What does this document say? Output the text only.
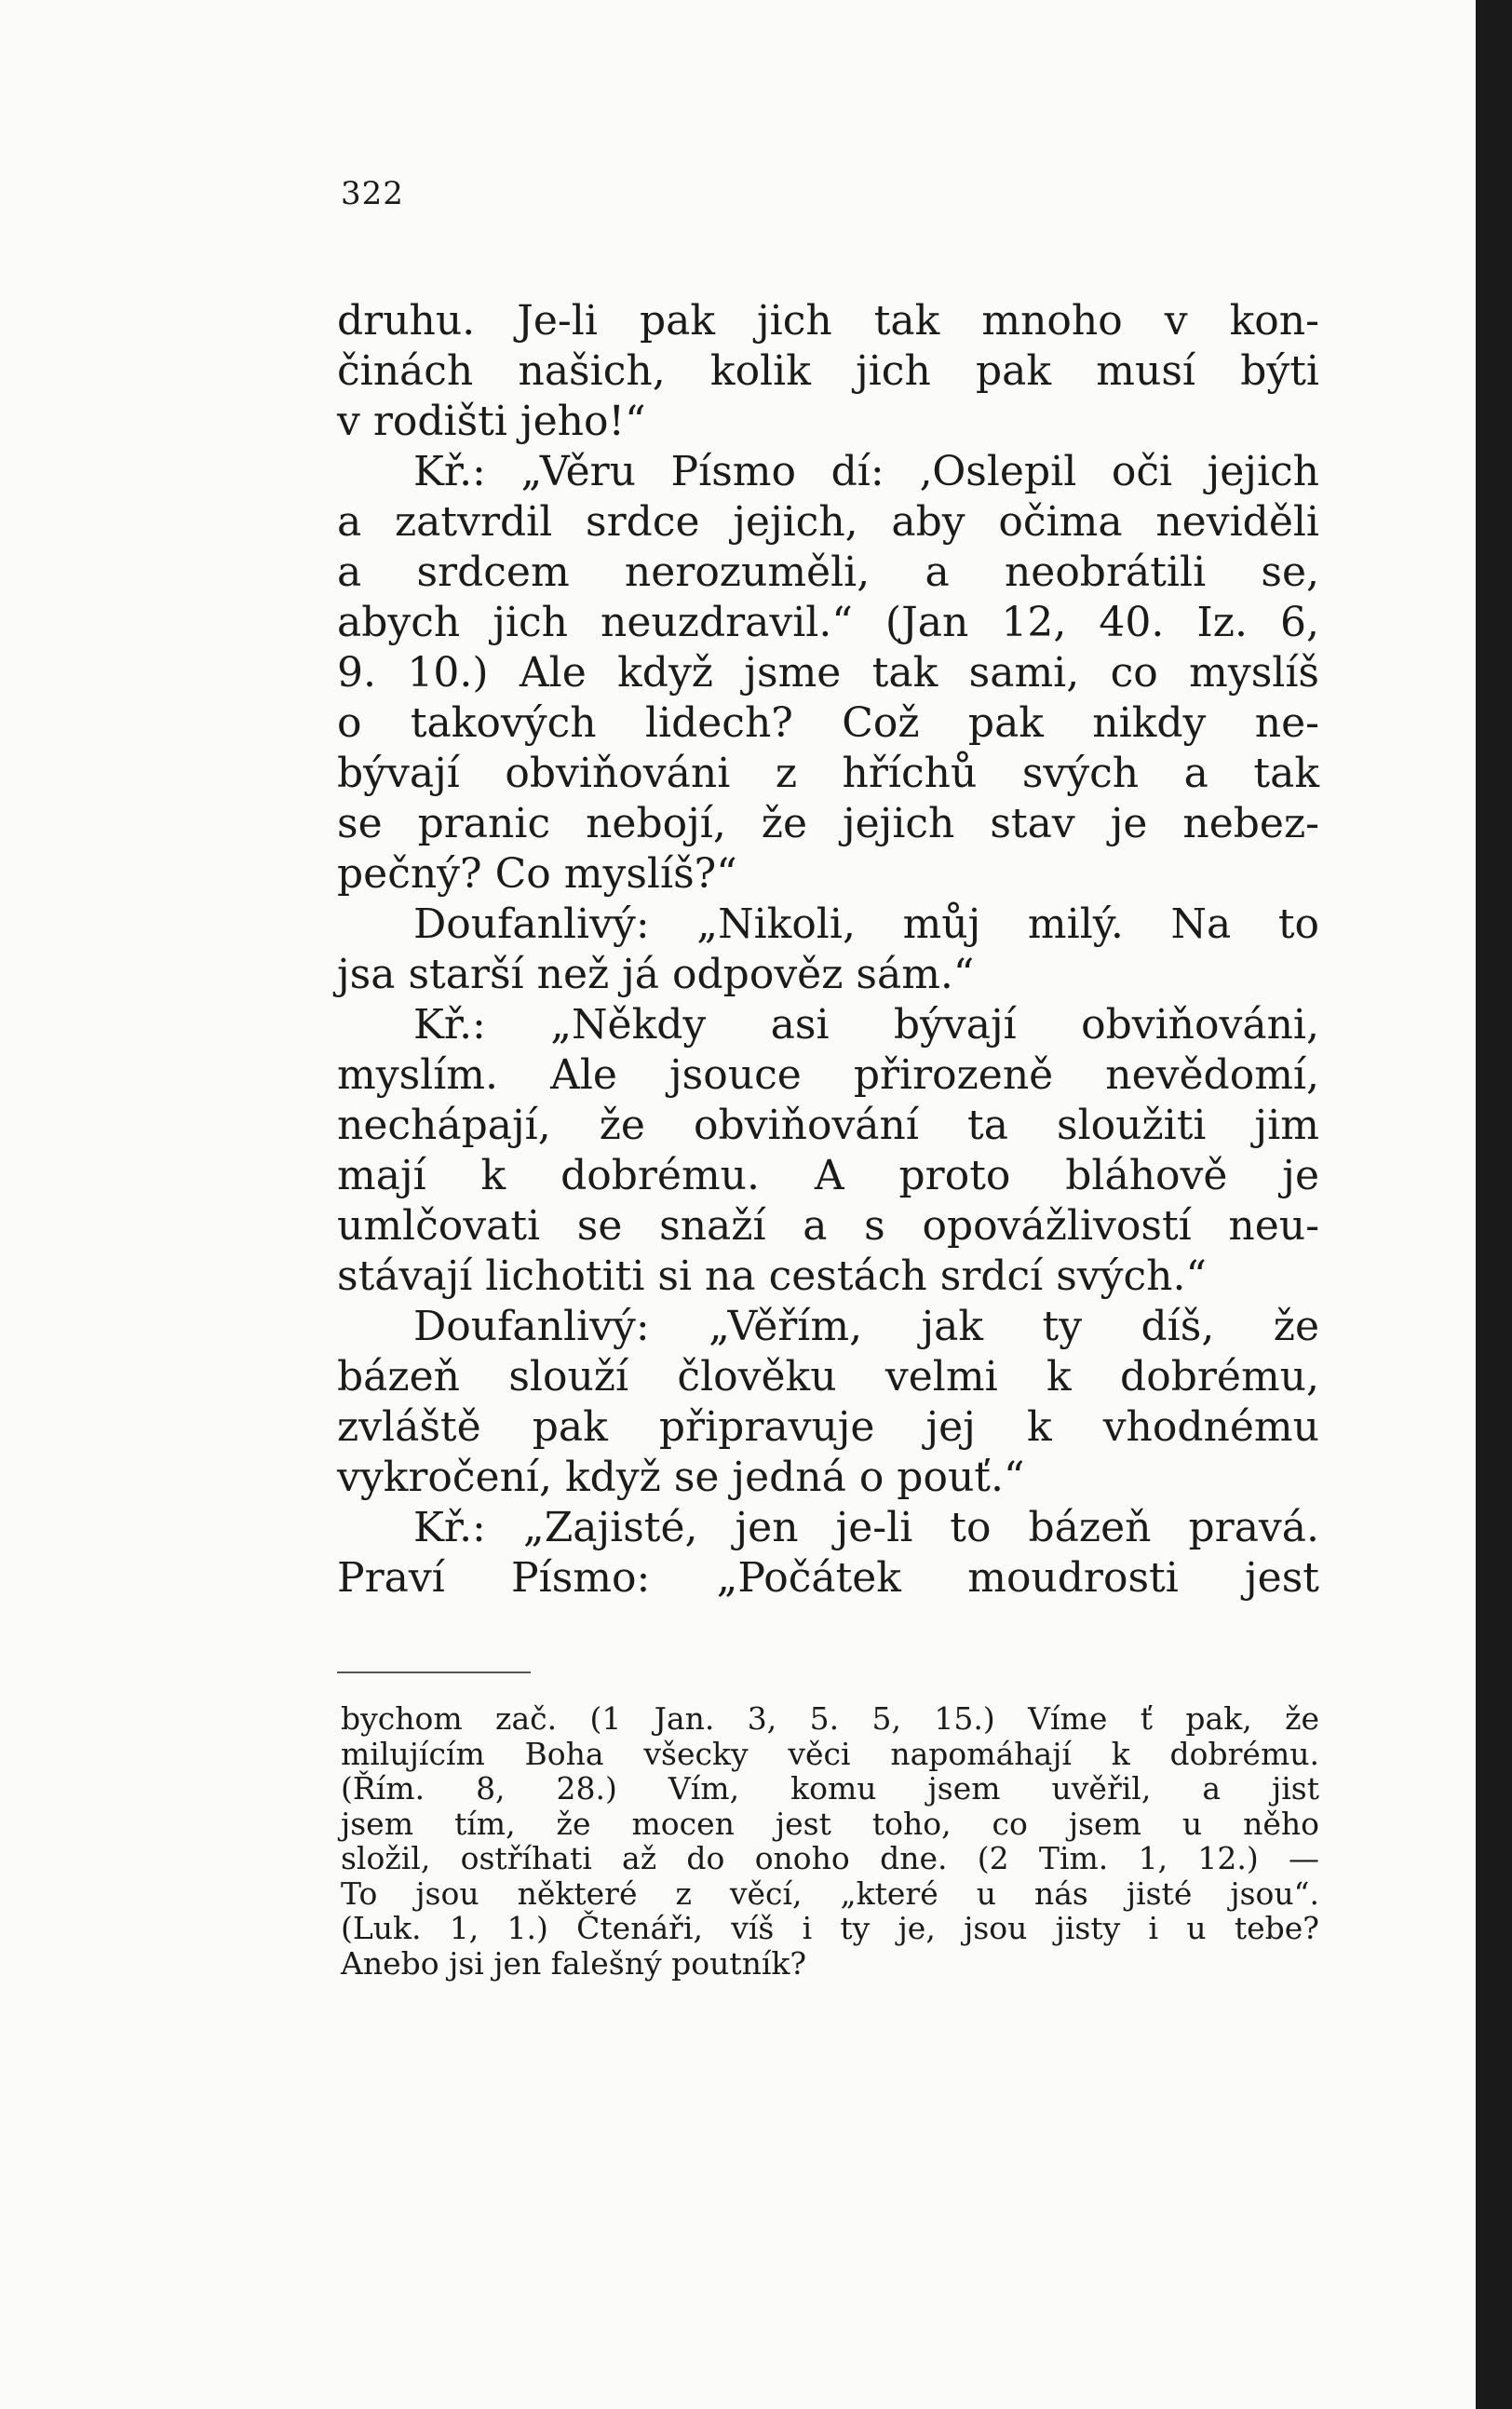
322
druhu. Je-li pak jich tak mnoho v kon-
činách našich, kolik jich pak musí býti
v rodišti jeho!“
Kř.: „Věru Písmo dí: ‚Oslepil oči jejich
a zatvrdil srdce jejich, aby očima neviděli
a srdcem nerozuměli, a neobrátili se,
abych jich neuzdravil.“ (Jan 12, 40. Iz. 6,
9. 10.) Ale když jsme tak sami, co myslíš
o takových lidech? Což pak nikdy ne-
bývají obviňováni z hříchů svých a tak
se pranic nebojí, že jejich stav je nebez-
pečný? Co myslíš?“
Doufanlivý: „Nikoli, můj milý. Na to
jsa starší než já odpověz sám.“
Kř.: „Někdy asi bývají obviňováni,
myslím. Ale jsouce přirozeně nevědomí,
nechápají, že obviňování ta sloužiti jim
mají k dobrému. A proto bláhově je
umlčovati se snaží a s opovážlivostí neu-
stávají lichotiti si na cestách srdcí svých.“
Doufanlivý: „Věřím, jak ty díš, že
bázeň slouží člověku velmi k dobrému,
zvláště pak připravuje jej k vhodnému
vykročení, když se jedná o pouť.“
Kř.: „Zajisté, jen je-li to bázeň pravá.
Praví Písmo: „Počátek moudrosti jest
bychom zač. (1 Jan. 3, 5. 5, 15.) Víme ť pak, že
milujícím Boha všecky věci napomáhají k dobrému.
(Řím. 8, 28.) Vím, komu jsem uvěřil, a jist
jsem tím, že mocen jest toho, co jsem u něho
složil, ostříhati až do onoho dne. (2 Tim. 1, 12.) —
To jsou některé z věcí, „které u nás jisté jsou“.
(Luk. 1, 1.) Čtenáři, víš i ty je, jsou jisty i u tebe?
Anebo jsi jen falešný poutník?
